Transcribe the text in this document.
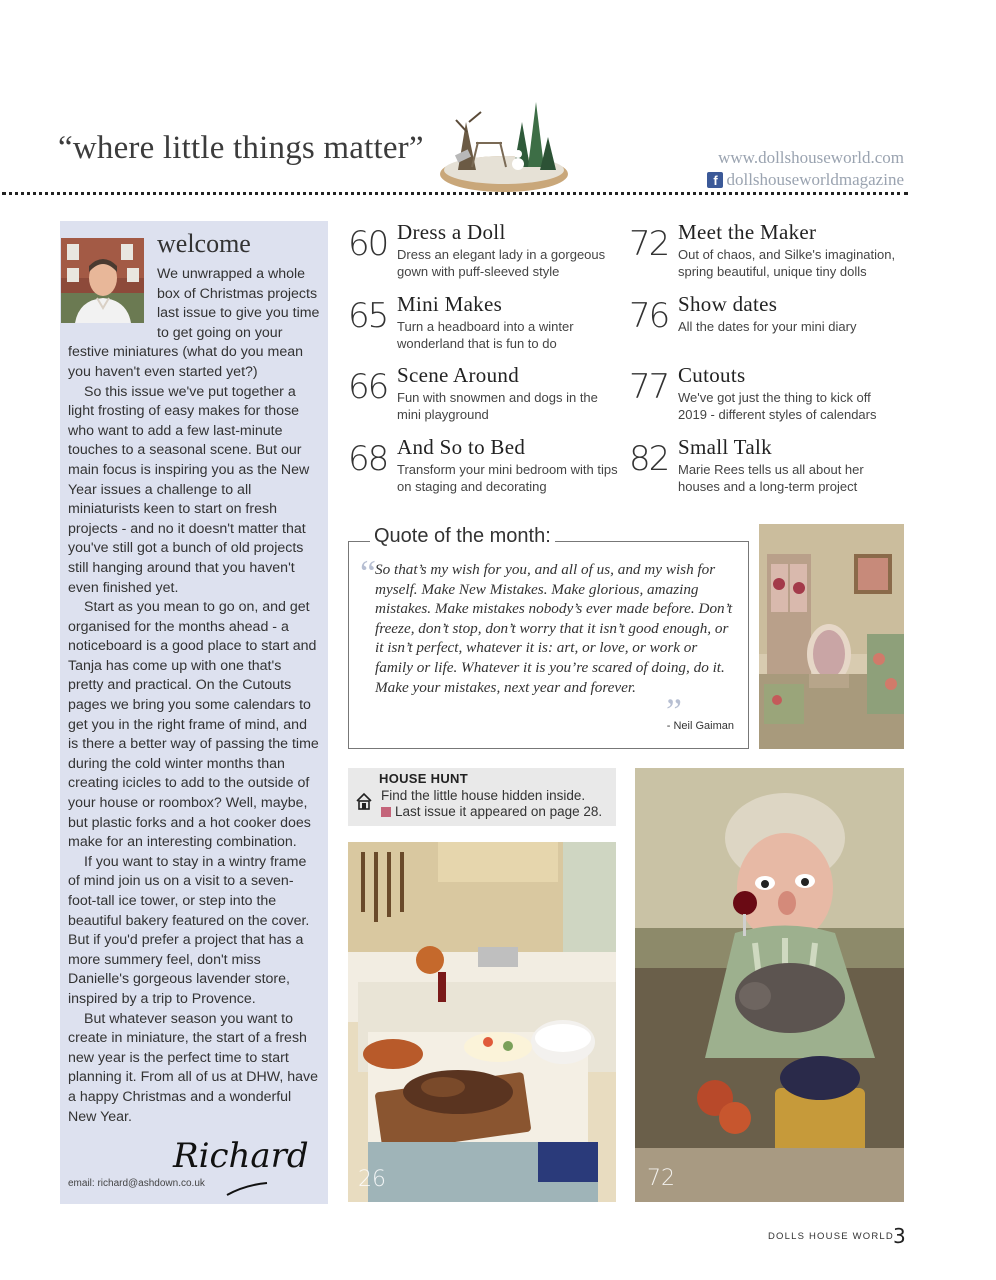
“where little things matter”	www.dollshouseworld.com
f dollshouseworldmagazine
welcome

We unwrapped a whole box of Christmas projects last issue to give you time to get going on your festive miniatures (what do you mean you haven't even started yet?)

So this issue we've put together a light frosting of easy makes for those who want to add a few last-minute touches to a seasonal scene. But our main focus is inspiring you as the New Year issues a challenge to all miniaturists keen to start on fresh projects - and no it doesn't matter that you've still got a bunch of old projects still hanging around that you haven't even finished yet.

Start as you mean to go on, and get organised for the months ahead - a noticeboard is a good place to start and Tanja has come up with one that's pretty and practical. On the Cutouts pages we bring you some calendars to get you in the right frame of mind, and is there a better way of passing the time during the cold winter months than creating icicles to add to the outside of your house or roombox? Well, maybe, but plastic forks and a hot cooker does make for an interesting combination.

If you want to stay in a wintry frame of mind join us on a visit to a seven-foot-tall ice tower, or step into the beautiful bakery featured on the cover. But if you'd prefer a project that has a more summery feel, don't miss Danielle's gorgeous lavender store, inspired by a trip to Provence.

But whatever season you want to create in miniature, the start of a fresh new year is the perfect time to start planning it. From all of us at DHW, have a happy Christmas and a wonderful New Year.

Richard
email: richard@ashdown.co.uk
60 Dress a Doll
Dress an elegant lady in a gorgeous gown with puff-sleeved style
65 Mini Makes
Turn a headboard into a winter wonderland that is fun to do
66 Scene Around
Fun with snowmen and dogs in the mini playground
68 And So to Bed
Transform your mini bedroom with tips on staging and decorating
72 Meet the Maker
Out of chaos, and Silke's imagination, spring beautiful, unique tiny dolls
76 Show dates
All the dates for your mini diary
77 Cutouts
We've got just the thing to kick off 2019 - different styles of calendars
82 Small Talk
Marie Rees tells us all about her houses and a long-term project
Quote of the month:
“ So that’s my wish for you, and all of us, and my wish for myself. Make New Mistakes. Make glorious, amazing mistakes. Make mistakes nobody’s ever made before. Don’t freeze, don’t stop, don’t worry that it isn’t good enough, or it isn’t perfect, whatever it is: art, or love, or work or family or life. Whatever it is you’re scared of doing, do it. Make your mistakes, next year and forever.
”
- Neil Gaiman
HOUSE HUNT
Find the little house hidden inside.
Last issue it appeared on page 28.
26	72
DOLLS HOUSE WORLD 3
